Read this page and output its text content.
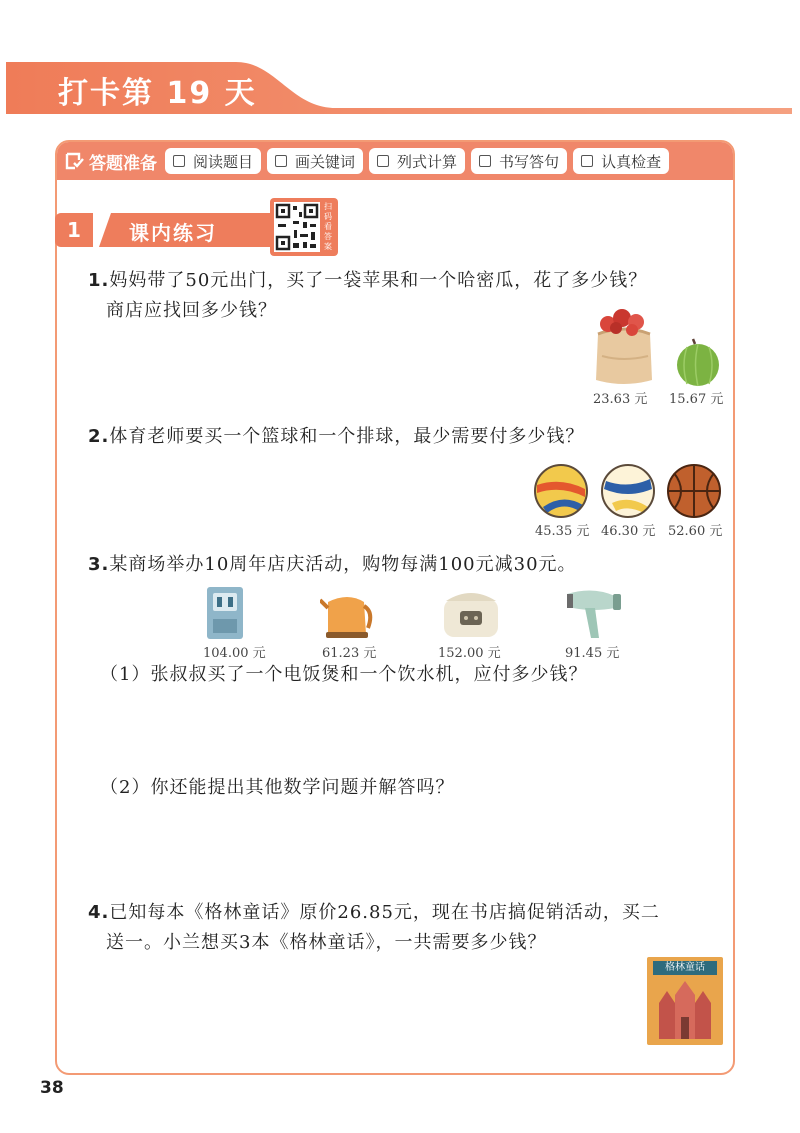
打卡第 19 天
答题准备 阅读题目	画关键词	列式计算	书写答句	认真检查
1	课内练习
扫码看答案
1.妈妈带了50元出门，买了一袋苹果和一个哈密瓜，花了多少钱？
商店应找回多少钱？
23.63 元 15.67 元
2.体育老师要买一个篮球和一个排球，最少需要付多少钱？
45.35 元 46.30 元 52.60 元
3.某商场举办10周年店庆活动，购物每满100元减30元。
104.00 元	61.23 元	152.00 元	91.45 元
（1）张叔叔买了一个电饭煲和一个饮水机，应付多少钱？
（2）你还能提出其他数学问题并解答吗？
4.已知每本《格林童话》原价26.85元，现在书店搞促销活动，买二
送一。小兰想买3本《格林童话》，一共需要多少钱？
格林童话
38
